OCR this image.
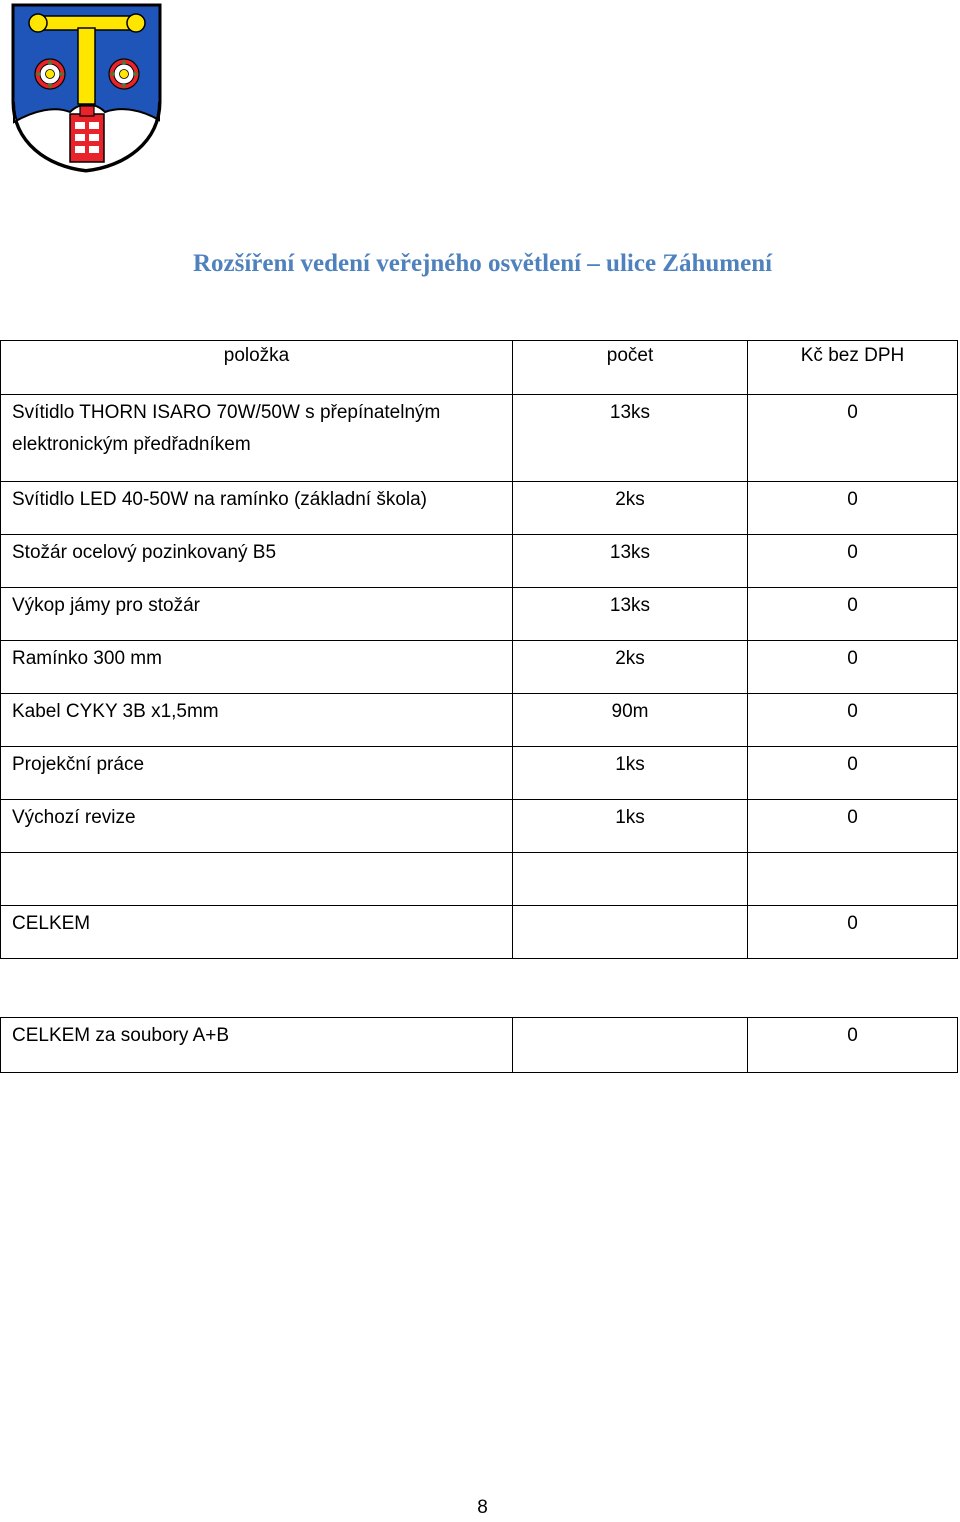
Rozšíření vedení veřejného osvětlení – ulice Záhumení
položka	počet	Kč bez DPH
Svítidlo THORN ISARO 70W/50W s přepínatelným elektronickým předřadníkem	13ks	0
Svítidlo LED 40-50W na ramínko (základní škola)	2ks	0
Stožár ocelový pozinkovaný B5	13ks	0
Výkop jámy pro stožár	13ks	0
Ramínko 300 mm	2ks	0
Kabel CYKY 3B x1,5mm	90m	0
Projekční práce	1ks	0
Výchozí revize	1ks	0

CELKEM		0
CELKEM za soubory A+B		0
8
